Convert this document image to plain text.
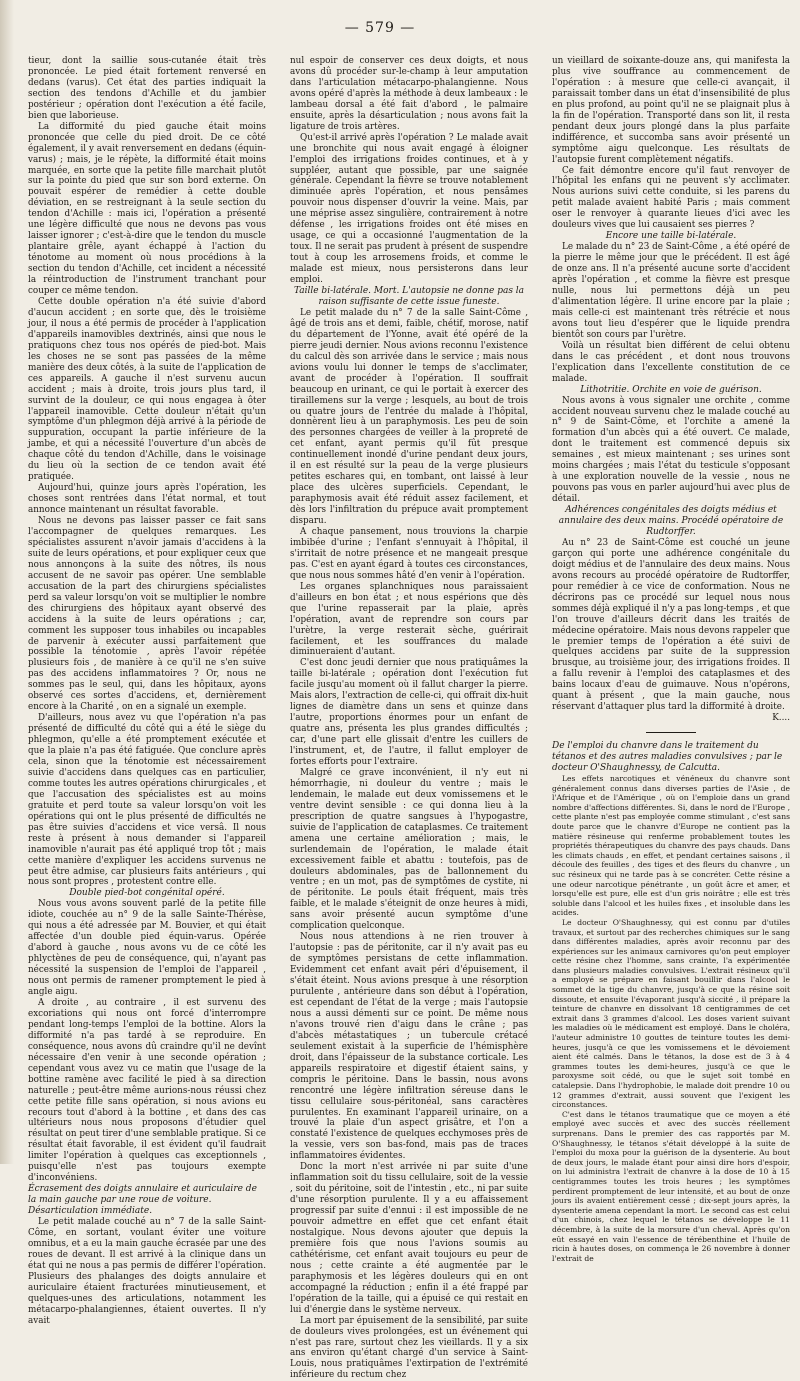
— 579 —

tieur, dont la saillie sous-cutanée était très prononcée. Le pied était fortement renversé en dedans (varus). Cet état des parties indiquait la section des tendons d'Achille et du jambier postérieur ; opération dont l'exécution a été facile, bien que laborieuse.

La difformité du pied gauche était moins prononcée que celle du pied droit. De ce côté également, il y avait renversement en dedans (équin-varus) ; mais, je le répète, la difformité était moins marquée, en sorte que la petite fille marchait plutôt sur la pointe du pied que sur son bord externe. On pouvait espérer de remédier à cette double déviation, en se restreignant à la seule section du tendon d'Achille : mais ici, l'opération a présenté une légère difficulté que nous ne devons pas vous laisser ignorer ; c'est-à-dire que le tendon du muscle plantaire grêle, ayant échappé à l'action du ténotome au moment où nous procédions à la section du tendon d'Achille, cet incident a nécessité la réintroduction de l'instrument tranchant pour couper ce même tendon.

Cette double opération n'a été suivie d'abord d'aucun accident ; en sorte que, dès le troisième jour, il nous a été permis de procéder à l'application d'appareils inamovibles dextrinés, ainsi que nous le pratiquons chez tous nos opérés de pied-bot. Mais les choses ne se sont pas passées de la même manière des deux côtés, à la suite de l'application de ces appareils. A gauche il n'est survenu aucun accident ; mais à droite, trois jours plus tard, il survint de la douleur, ce qui nous engagea à ôter l'appareil inamovible. Cette douleur n'était qu'un symptôme d'un phlegmon déjà arrivé à la période de suppuration, occupant la partie inférieure de la jambe, et qui a nécessité l'ouverture d'un abcès de chaque côté du tendon d'Achille, dans le voisinage du lieu où la section de ce tendon avait été pratiquée.

Aujourd'hui, quinze jours après l'opération, les choses sont rentrées dans l'état normal, et tout annonce maintenant un résultat favorable.

Nous ne devons pas laisser passer ce fait sans l'accompagner de quelques remarques. Les spécialistes assurent n'avoir jamais d'accidens à la suite de leurs opérations, et pour expliquer ceux que nous annonçons à la suite des nôtres, ils nous accusent de ne savoir pas opérer. Une semblable accusation de la part des chirurgiens spécialistes perd sa valeur lorsqu'on voit se multiplier le nombre des chirurgiens des hôpitaux ayant observé des accidens à la suite de leurs opérations ; car, comment les supposer tous inhabiles ou incapables de parvenir à exécuter aussi parfaitement que possible la ténotomie , après l'avoir répétée plusieurs fois , de manière à ce qu'il ne s'en suive pas des accidens inflammatoires ? Or, nous ne sommes pas le seul, qui, dans les hôpitaux, ayons observé ces sortes d'accidens, et, dernièrement encore à la Charité , on en a signalé un exemple.

D'ailleurs, nous avez vu que l'opération n'a pas présenté de difficulté du côté qui a été le siège du phlegmon, qu'elle a été promptement exécutée et que la plaie n'a pas été fatiguée. Que conclure après cela, sinon que la ténotomie est nécessairement suivie d'accidens dans quelques cas en particulier, comme toutes les autres opérations chirurgicales , et que l'accusation des spécialistes est au moins gratuite et perd toute sa valeur lorsqu'on voit les opérations qui ont le plus présenté de difficultés ne pas être suivies d'accidens et vice versâ. Il nous reste à présent à nous demander si l'appareil inamovible n'aurait pas été appliqué trop tôt ; mais cette manière d'expliquer les accidens survenus ne peut être admise, car plusieurs faits antérieurs , qui nous sont propres , protestent contre elle.

Double pied-bot congénital opéré.

Nous vous avons souvent parlé de la petite fille idiote, couchée au n° 9 de la salle Sainte-Thérèse, qui nous a été adressée par M. Bouvier, et qui était affectée d'un double pied équin-varus. Opérée d'abord à gauche , nous avons vu de ce côté les phlyctènes de peu de conséquence, qui, n'ayant pas nécessité la suspension de l'emploi de l'appareil , nous ont permis de ramener promptement le pied à angle aigu.

A droite , au contraire , il est survenu des excoriations qui nous ont forcé d'interrompre pendant long-temps l'emploi de la bottine. Alors la difformité n'a pas tardé à se reproduire. En conséquence, nous avons dû craindre qu'il ne devînt nécessaire d'en venir à une seconde opération ; cependant vous avez vu ce matin que l'usage de la bottine ramène avec facilité le pied à sa direction naturelle ; peut-être même aurions-nous réussi chez cette petite fille sans opération, si nous avions eu recours tout d'abord à la bottine , et dans des cas ultérieurs nous nous proposons d'étudier quel résultat on peut tirer d'une semblable pratique. Si ce résultat était favorable, il est évident qu'il faudrait limiter l'opération à quelques cas exceptionnels , puisqu'elle n'est pas toujours exempte d'inconvéniens.

Écrasement des doigts annulaire et auriculaire de la main gauche par une roue de voiture. Désarticulation immédiate.

Le petit malade couché au n° 7 de la salle Saint-Côme, en sortant, voulant éviter une voiture omnibus, et a eu la main gauche écrasée par une des roues de devant. Il est arrivé à la clinique dans un état qui ne nous a pas permis de différer l'opération. Plusieurs des phalanges des doigts annulaire et auriculaire étaient fracturées minutieusement, et quelques-unes des articulations, notamment les métacarpo-phalangiennes, étaient ouvertes. Il n'y avait

nul espoir de conserver ces deux doigts, et nous avons dû procéder sur-le-champ à leur amputation dans l'articulation métacarpo-phalangienne. Nous avons opéré d'après la méthode à deux lambeaux : le lambeau dorsal a été fait d'abord , le palmaire ensuite, après la désarticulation ; nous avons fait la ligature de trois artères.

Qu'est-il arrivé après l'opération ? Le malade avait une bronchite qui nous avait engagé à éloigner l'emploi des irrigations froides continues, et à y suppléer, autant que possible, par une saignée générale. Cependant la fièvre se trouve notablement diminuée après l'opération, et nous pensâmes pouvoir nous dispenser d'ouvrir la veine. Mais, par une méprise assez singulière, contrairement à notre défense , les irrigations froides ont été mises en usage, ce qui a occasionné l'augmentation de la toux. Il ne serait pas prudent à présent de suspendre tout à coup les arrosemens froids, et comme le malade est mieux, nous persisterons dans leur emploi.

Taille bi-latérale. Mort. L'autopsie ne donne pas la raison suffisante de cette issue funeste.

Le petit malade du n° 7 de la salle Saint-Côme , âgé de trois ans et demi, faible, chétif, morose, natif du département de l'Yonne, avait été opéré de la pierre jeudi dernier. Nous avions reconnu l'existence du calcul dès son arrivée dans le service ; mais nous avions voulu lui donner le temps de s'acclimater, avant de procéder à l'opération. Il souffrait beaucoup en urinant, ce qui le portait à exercer des tiraillemens sur la verge ; lesquels, au bout de trois ou quatre jours de l'entrée du malade à l'hôpital, donnèrent lieu à un paraphymosis. Les peu de soin des personnes chargées de veiller à la propreté de cet enfant, ayant permis qu'il fût presque continuellement inondé d'urine pendant deux jours, il en est résulté sur la peau de la verge plusieurs petites eschares qui, en tombant, ont laissé à leur place des ulcères superficiels. Cependant, le paraphymosis avait été réduit assez facilement, et dès lors l'infiltration du prépuce avait promptement disparu.

A chaque pansement, nous trouvions la charpie imbibée d'urine ; l'enfant s'ennuyait à l'hôpital, il s'irritait de notre présence et ne mangeait presque pas. C'est en ayant égard à toutes ces circonstances, que nous nous sommes hâté d'en venir à l'opération.

Les organes splanchniques nous paraissaient d'ailleurs en bon état ; et nous espérions que dès que l'urine repasserait par la plaie, après l'opération, avant de reprendre son cours par l'urètre, la verge resterait sèche, guérirait facilement, et les souffrances du malade diminueraient d'autant.

C'est donc jeudi dernier que nous pratiquâmes la taille bi-latérale ; opération dont l'exécution fut facile jusqu'au moment où il fallut charger la pierre. Mais alors, l'extraction de celle-ci, qui offrait dix-huit lignes de diamètre dans un sens et quinze dans l'autre, proportions énormes pour un enfant de quatre ans, présenta les plus grandes difficultés ; car, d'une part elle glissait d'entre les cuillers de l'instrument, et, de l'autre, il fallut employer de fortes efforts pour l'extraire.

Malgré ce grave inconvénient, il n'y eut ni hémorrhagie, ni douleur du ventre ; mais le lendemain, le malade eut deux vomissemens et le ventre devint sensible : ce qui donna lieu à la prescription de quatre sangsues à l'hypogastre, suivie de l'application de cataplasmes. Ce traitement amena une certaine amélioration ; mais, le surlendemain de l'opération, le malade était excessivement faible et abattu : toutefois, pas de douleurs abdominales, pas de ballonnement du ventre ; en un mot, pas de symptômes de cystite, ni de péritonite. Le pouls était fréquent, mais très faible, et le malade s'éteignit de onze heures à midi, sans avoir présenté aucun symptôme d'une complication quelconque.

Nous nous attendions à ne rien trouver à l'autopsie : pas de péritonite, car il n'y avait pas eu de symptômes persistans de cette inflammation. Evidemment cet enfant avait péri d'épuisement, il s'était éteint. Nous avions presque à une résorption purulente , antérieure dans son début à l'opération, est cependant de l'état de la verge ; mais l'autopsie nous a aussi démenti sur ce point. De même nous n'avons trouvé rien d'aigu dans le crâne ; pas d'abcès métastatiques ; un tubercule crétacé seulement existait à la superficie de l'hémisphère droit, dans l'épaisseur de la substance corticale. Les appareils respiratoire et digestif étaient sains, y compris le péritoine. Dans le bassin, nous avons rencontré une légère infiltration séreuse dans le tissu cellulaire sous-péritonéal, sans caractères purulentes. En examinant l'appareil urinaire, on a trouvé la plaie d'un aspect grisâtre, et l'on a constaté l'existence de quelques ecchymoses près de la vessie, vers son bas-fond, mais pas de traces inflammatoires évidentes.

Donc la mort n'est arrivée ni par suite d'une inflammation soit du tissu cellulaire, soit de la vessie , soit du péritoine, soit de l'intestin , etc., ni par suite d'une résorption purulente. Il y a eu affaissement progressif par suite d'ennui : il est impossible de ne pouvoir admettre en effet que cet enfant était nostalgique. Nous devons ajouter que depuis la première fois que nous l'avions soumis au cathétérisme, cet enfant avait toujours eu peur de nous ; cette crainte a été augmentée par le paraphymosis et les légères douleurs qui en ont accompagné la réduction ; enfin il a été frappé par l'opération de la taille, qui a épuisé ce qui restait en lui d'énergie dans le système nerveux.

La mort par épuisement de la sensibilité, par suite de douleurs vives prolongées, est un événement qui n'est pas rare, surtout chez les vieillards. Il y a six ans environ qu'étant chargé d'un service à Saint-Louis, nous pratiquâmes l'extirpation de l'extrémité inférieure du rectum chez

un vieillard de soixante-douze ans, qui manifesta la plus vive souffrance au commencement de l'opération : à mesure que celle-ci avançait, il paraissait tomber dans un état d'insensibilité de plus en plus profond, au point qu'il ne se plaignait plus à la fin de l'opération. Transporté dans son lit, il resta pendant deux jours plongé dans la plus parfaite indifférence, et succomba sans avoir présenté un symptôme aigu quelconque. Les résultats de l'autopsie furent complètement négatifs.

Ce fait démontre encore qu'il faut renvoyer de l'hôpital les enfans qui ne peuvent s'y acclimater. Nous aurions suivi cette conduite, si les parens du petit malade avaient habité Paris ; mais comment oser le renvoyer à quarante lieues d'ici avec les douleurs vives que lui causaient ses pierres ?

Encore une taille bi-latérale.

Le malade du n° 23 de Saint-Côme , a été opéré de la pierre le même jour que le précédent. Il est âgé de onze ans. Il n'a présenté aucune sorte d'accident après l'opération , et comme la fièvre est presque nulle, nous lui permettons déjà un peu d'alimentation légère. Il urine encore par la plaie ; mais celle-ci est maintenant très rétrécie et nous avons tout lieu d'espérer que le liquide prendra bientôt son cours par l'urètre.

Voilà un résultat bien différent de celui obtenu dans le cas précédent , et dont nous trouvons l'explication dans l'excellente constitution de ce malade.

Lithotritie. Orchite en voie de guérison.

Nous avons à vous signaler une orchite , comme accident nouveau survenu chez le malade couché au n° 9 de Saint-Côme, et l'orchite a amené la formation d'un abcès qui a été ouvert. Ce malade, dont le traitement est commencé depuis six semaines , est mieux maintenant ; ses urines sont moins chargées ; mais l'état du testicule s'opposant à une exploration nouvelle de la vessie , nous ne pouvons pas vous en parler aujourd'hui avec plus de détail.

Adhérences congénitales des doigts médius et annulaire des deux mains. Procédé opératoire de Rudtorffer.

Au n° 23 de Saint-Côme est couché un jeune garçon qui porte une adhérence congénitale du doigt médius et de l'annulaire des deux mains. Nous avons recours au procédé opératoire de Rudtorffer, pour remédier à ce vice de conformation. Nous ne décrirons pas ce procédé sur lequel nous nous sommes déjà expliqué il n'y a pas long-temps , et que l'on trouve d'ailleurs décrit dans les traités de médecine opératoire. Mais nous devons rappeler que le premier temps de l'opération a été suivi de quelques accidens par suite de la suppression brusque, au troisième jour, des irrigations froides. Il a fallu revenir à l'emploi des cataplasmes et des bains locaux d'eau de guimauve. Nous n'opérons, quant à présent , que la main gauche, nous réservant d'attaquer plus tard la difformité à droite.

K....

De l'emploi du chanvre dans le traitement du tétanos et des autres maladies convulsives ; par le docteur O'Shaughnessy, de Calcutta.

Les effets narcotiques et vénéneux du chanvre sont généralement connus dans diverses parties de l'Asie , de l'Afrique et de l'Amérique , où on l'emploie dans un grand nombre d'affections différentes. Si, dans le nord de l'Europe , cette plante n'est pas employée comme stimulant , c'est sans doute parce que le chanvre d'Europe ne contient pas la matière résineuse qui renferme probablement toutes les propriétés thérapeutiques du chanvre des pays chauds. Dans les climats chauds , en effet, et pendant certaines saisons , il découle des feuilles , des tiges et des fleurs du chanvre , un suc résineux qui ne tarde pas à se concréter. Cette résine a une odeur narcotique pénétrante , un goût âcre et amer, et lorsqu'elle est pure, elle est d'un gris noirâtre ; elle est très soluble dans l'alcool et les huiles fixes , et insoluble dans les acides.

Le docteur O'Shaughnessy, qui est connu par d'utiles travaux, et surtout par des recherches chimiques sur le sang dans différentes maladies, après avoir reconnu par des expériences sur les animaux carnivores qu'on peut employer cette résine chez l'homme, sans crainte, l'a expérimentée dans plusieurs maladies convulsives. L'extrait résineux qu'il a employé se prépare en faisant bouillir dans l'alcool le sommet de la tige du chanvre, jusqu'à ce que la résine soit dissoute, et ensuite l'évaporant jusqu'à siccité , il prépare la teinture de chanvre en dissolvant 18 centigrammes de cet extrait dans 3 grammes d'alcool. Les doses varient suivant les maladies où le médicament est employé. Dans le choléra, l'auteur administre 10 gouttes de teinture toutes les demi-heures, jusqu'à ce que les vomissemens et le dévoiement aient été calmés. Dans le tétanos, la dose est de 3 à 4 grammes toutes les demi-heures, jusqu'à ce que le paroxysme soit cédé, ou que le sujet soit tombé en catalepsie. Dans l'hydrophobie, le malade doit prendre 10 ou 12 grammes d'extrait, aussi souvent que l'exigent les circonstances.

C'est dans le tétanos traumatique que ce moyen a été employé avec succès et avec des succès réellement surprenans. Dans le premier des cas rapportés par M. O'Shaughnessy, le tétanos s'était développé à la suite de l'emploi du moxa pour la guérison de la dysenterie. Au bout de deux jours, le malade étant pour ainsi dire hors d'espoir, on lui administra l'extrait de chanvre à la dose de 10 à 15 centigrammes toutes les trois heures ; les symptômes perdirent promptement de leur intensité, et au bout de onze jours ils avaient entièrement cessé ; dix-sept jours après, la dysenterie amena cependant la mort. Le second cas est celui d'un chinois, chez lequel le tétanos se développe le 11 décembre, à la suite de la morsure d'un cheval. Après qu'on eût essayé en vain l'essence de térébenthine et l'huile de ricin à hautes doses, on commença le 26 novembre à donner l'extrait de
